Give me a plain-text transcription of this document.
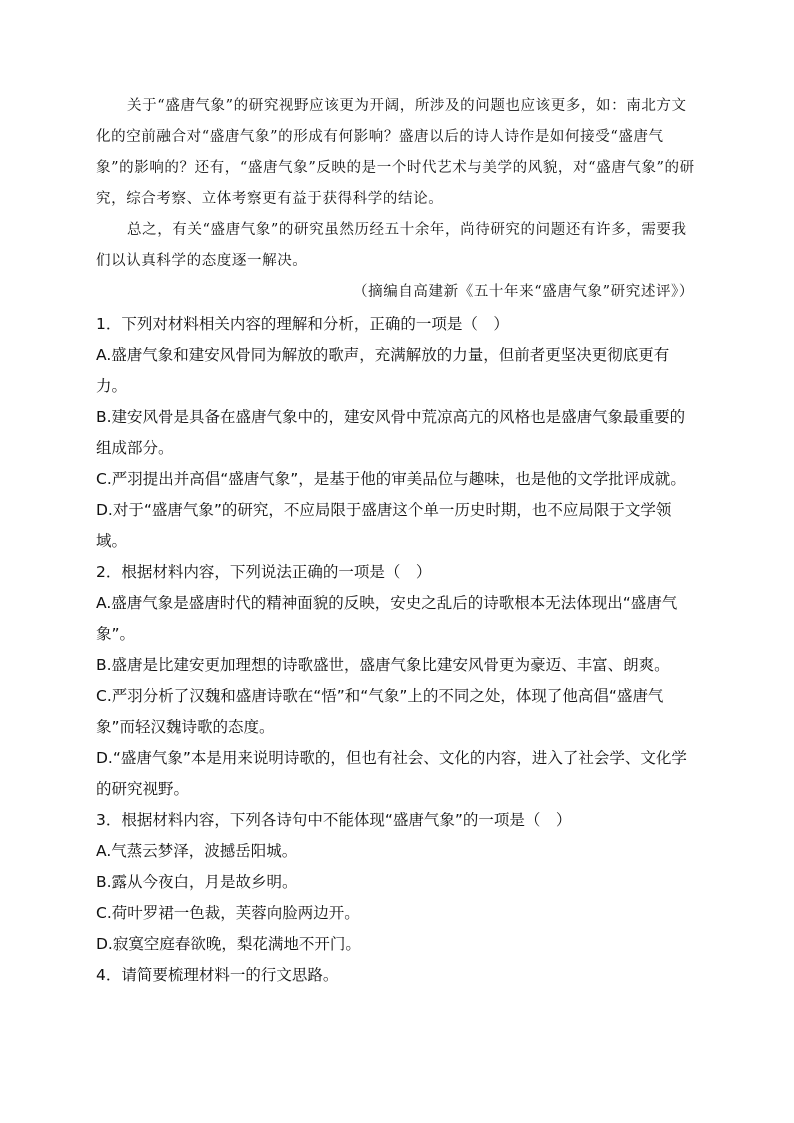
关于“盛唐气象”的研究视野应该更为开阔，所涉及的问题也应该更多，如：南北方文化的空前融合对“盛唐气象”的形成有何影响？盛唐以后的诗人诗作是如何接受“盛唐气象”的影响的？还有，“盛唐气象”反映的是一个时代艺术与美学的风貌，对“盛唐气象”的研究，综合考察、立体考察更有益于获得科学的结论。

总之，有关“盛唐气象”的研究虽然历经五十余年，尚待研究的问题还有许多，需要我们以认真科学的态度逐一解决。

（摘编自高建新《五十年来“盛唐气象”研究述评》）

1．下列对材料相关内容的理解和分析，正确的一项是（　）

A.盛唐气象和建安风骨同为解放的歌声，充满解放的力量，但前者更坚决更彻底更有力。

B.建安风骨是具备在盛唐气象中的，建安风骨中荒凉高亢的风格也是盛唐气象最重要的组成部分。

C.严羽提出并高倡“盛唐气象”，是基于他的审美品位与趣味，也是他的文学批评成就。

D.对于“盛唐气象”的研究，不应局限于盛唐这个单一历史时期，也不应局限于文学领域。

2．根据材料内容，下列说法正确的一项是（　）

A.盛唐气象是盛唐时代的精神面貌的反映，安史之乱后的诗歌根本无法体现出“盛唐气象”。

B.盛唐是比建安更加理想的诗歌盛世，盛唐气象比建安风骨更为豪迈、丰富、朗爽。

C.严羽分析了汉魏和盛唐诗歌在“悟”和“气象”上的不同之处，体现了他高倡“盛唐气象”而轻汉魏诗歌的态度。

D.“盛唐气象”本是用来说明诗歌的，但也有社会、文化的内容，进入了社会学、文化学的研究视野。

3．根据材料内容，下列各诗句中不能体现“盛唐气象”的一项是（　）

A.气蒸云梦泽，波撼岳阳城。

B.露从今夜白，月是故乡明。

C.荷叶罗裙一色裁，芙蓉向脸两边开。

D.寂寞空庭春欲晚，梨花满地不开门。

4．请简要梳理材料一的行文思路。
